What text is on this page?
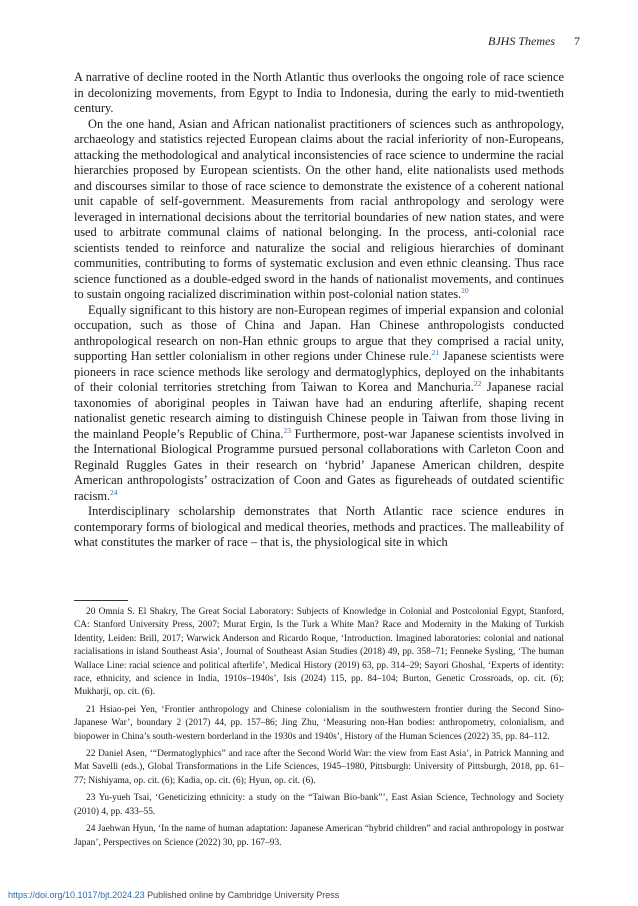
BJHS Themes 7

A narrative of decline rooted in the North Atlantic thus overlooks the ongoing role of race science in decolonizing movements, from Egypt to India to Indonesia, during the early to mid-twentieth century.

On the one hand, Asian and African nationalist practitioners of sciences such as anthropology, archaeology and statistics rejected European claims about the racial inferiority of non-Europeans, attacking the methodological and analytical inconsistencies of race science to undermine the racial hierarchies proposed by European scientists. On the other hand, elite nationalists used methods and discourses similar to those of race science to demonstrate the existence of a coherent national unit capable of self-government. Measurements from racial anthropology and serology were leveraged in international decisions about the territorial boundaries of new nation states, and were used to arbitrate communal claims of national belonging. In the process, anti-colonial race scientists tended to reinforce and naturalize the social and religious hierarchies of dominant communities, contributing to forms of systematic exclusion and even ethnic cleansing. Thus race science functioned as a double-edged sword in the hands of nationalist movements, and continues to sustain ongoing racialized discrimination within post-colonial nation states.$^{20}$

Equally significant to this history are non-European regimes of imperial expansion and colonial occupation, such as those of China and Japan. Han Chinese anthropologists conducted anthropological research on non-Han ethnic groups to argue that they comprised a racial unity, supporting Han settler colonialism in other regions under Chinese rule.$^{21}$ Japanese scientists were pioneers in race science methods like serology and dermatoglyphics, deployed on the inhabitants of their colonial territories stretching from Taiwan to Korea and Manchuria.$^{22}$ Japanese racial taxonomies of aboriginal peoples in Taiwan have had an enduring afterlife, shaping recent nationalist genetic research aiming to distinguish Chinese people in Taiwan from those living in the mainland People’s Republic of China.$^{23}$ Furthermore, post-war Japanese scientists involved in the International Biological Programme pursued personal collaborations with Carleton Coon and Reginald Ruggles Gates in their research on ‘hybrid’ Japanese American children, despite American anthropologists’ ostracization of Coon and Gates as figureheads of outdated scientific racism.$^{24}$

Interdisciplinary scholarship demonstrates that North Atlantic race science endures in contemporary forms of biological and medical theories, methods and practices. The malleability of what constitutes the marker of race – that is, the physiological site in which

20 Omnia S. El Shakry, The Great Social Laboratory: Subjects of Knowledge in Colonial and Postcolonial Egypt, Stanford, CA: Stanford University Press, 2007; Murat Ergin, Is the Turk a White Man? Race and Modernity in the Making of Turkish Identity, Leiden: Brill, 2017; Warwick Anderson and Ricardo Roque, ‘Introduction. Imagined laboratories: colonial and national racialisations in island Southeast Asia’, Journal of Southeast Asian Studies (2018) 49, pp. 358–71; Fenneke Sysling, ‘The human Wallace Line: racial science and political afterlife’, Medical History (2019) 63, pp. 314–29; Sayori Ghoshal, ‘Experts of identity: race, ethnicity, and science in India, 1910s–1940s’, Isis (2024) 115, pp. 84–104; Burton, Genetic Crossroads, op. cit. (6); Mukharji, op. cit. (6).

21 Hsiao-pei Yen, ‘Frontier anthropology and Chinese colonialism in the southwestern frontier during the Second Sino-Japanese War’, boundary 2 (2017) 44, pp. 157–86; Jing Zhu, ‘Measuring non-Han bodies: anthropometry, colonialism, and biopower in China’s south-western borderland in the 1930s and 1940s’, History of the Human Sciences (2022) 35, pp. 84–112.

22 Daniel Asen, ‘“Dermatoglyphics” and race after the Second World War: the view from East Asia’, in Patrick Manning and Mat Savelli (eds.), Global Transformations in the Life Sciences, 1945–1980, Pittsburgh: University of Pittsburgh, 2018, pp. 61–77; Nishiyama, op. cit. (6); Kadia, op. cit. (6); Hyun, op. cit. (6).

23 Yu-yueh Tsai, ‘Geneticizing ethnicity: a study on the “Taiwan Bio-bank”’, East Asian Science, Technology and Society (2010) 4, pp. 433–55.

24 Jaehwan Hyun, ‘In the name of human adaptation: Japanese American “hybrid children” and racial anthropology in postwar Japan’, Perspectives on Science (2022) 30, pp. 167–93.

https://doi.org/10.1017/bjt.2024.23 Published online by Cambridge University Press
